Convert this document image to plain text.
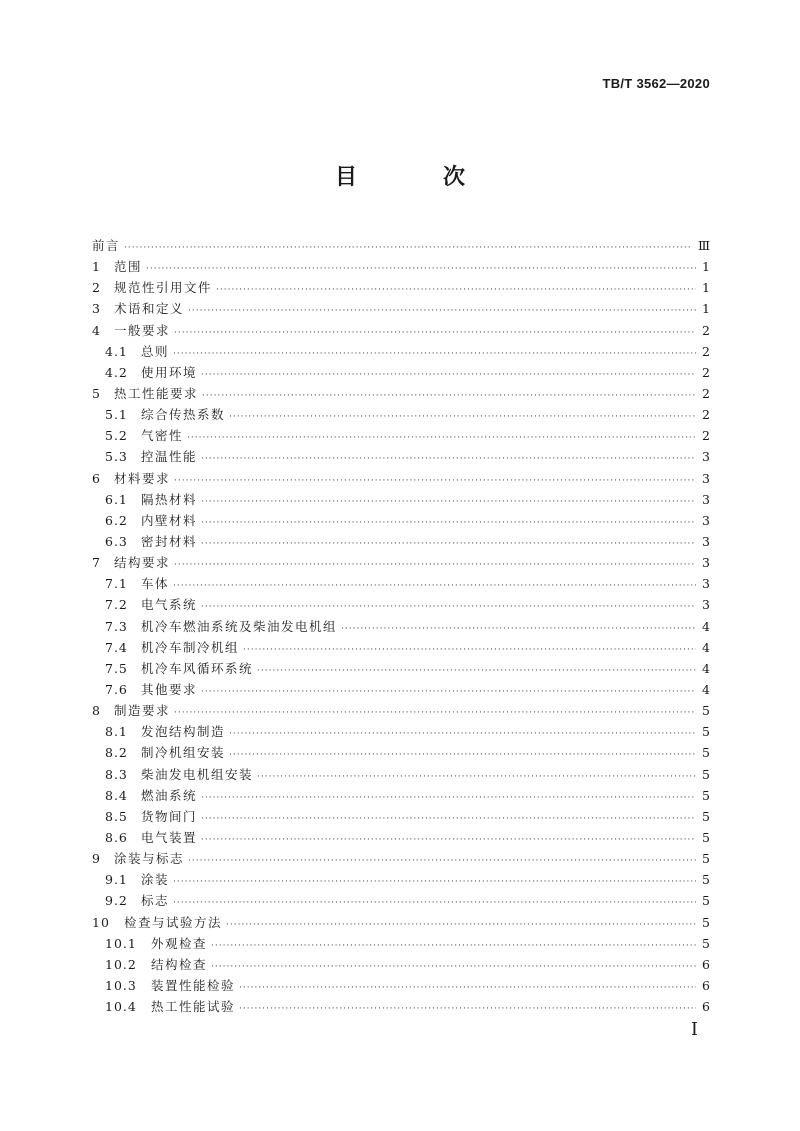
TB/T 3562—2020
目　次
前言 ·····	Ⅲ
1	范围 ·····	1
2	规范性引用文件 ·····	1
3	术语和定义 ·····	1
4	一般要求 ·····	2
4.1	总则 ·····	2
4.2	使用环境 ·····	2
5	热工性能要求 ·····	2
5.1	综合传热系数 ·····	2
5.2	气密性 ·····	2
5.3	控温性能 ·····	3
6	材料要求 ·····	3
6.1	隔热材料 ·····	3
6.2	内壁材料 ·····	3
6.3	密封材料 ·····	3
7	结构要求 ·····	3
7.1	车体 ·····	3
7.2	电气系统 ·····	3
7.3	机冷车燃油系统及柴油发电机组 ·····	4
7.4	机冷车制冷机组 ·····	4
7.5	机冷车风循环系统 ·····	4
7.6	其他要求 ·····	4
8	制造要求 ·····	5
8.1	发泡结构制造 ·····	5
8.2	制冷机组安装 ·····	5
8.3	柴油发电机组安装 ·····	5
8.4	燃油系统 ·····	5
8.5	货物间门 ·····	5
8.6	电气装置 ·····	5
9	涂装与标志 ·····	5
9.1	涂装 ·····	5
9.2	标志 ·····	5
10	检查与试验方法 ·····	5
10.1	外观检查 ·····	5
10.2	结构检查 ·····	6
10.3	装置性能检验 ·····	6
10.4	热工性能试验 ·····	6
Ⅰ
